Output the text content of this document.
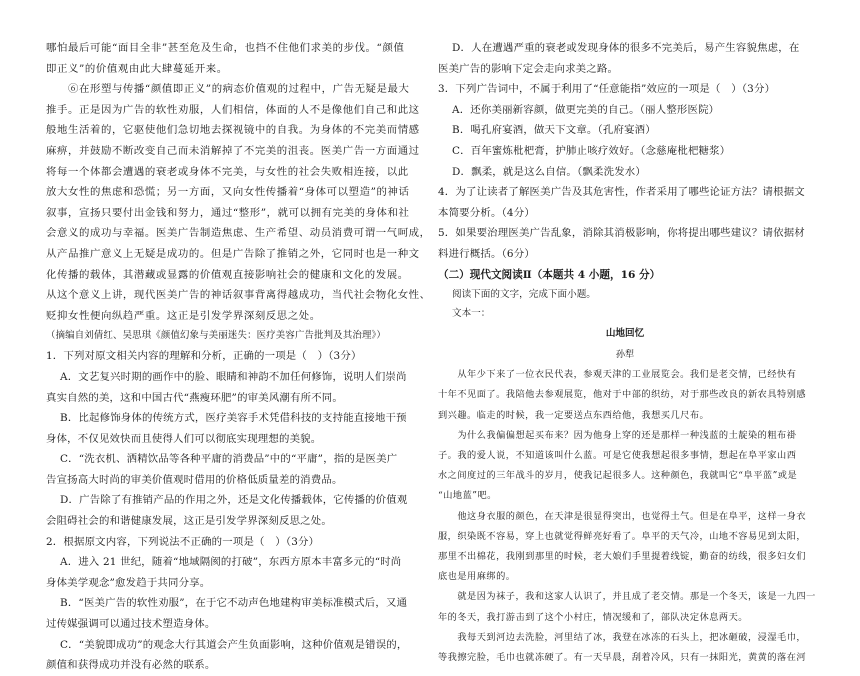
哪怕最后可能“面目全非”甚至危及生命，也挡不住他们求美的步伐。“颜值

即正义”的价值观由此大肆蔓延开来。

　　⑥在形塑与传播“颜值即正义”的病态价值观的过程中，广告无疑是最大

推手。正是因为广告的软性劝服，人们相信，体面的人不是像他们自己和此这

般地生活着的，它驱使他们急切地去探视镜中的自我。为身体的不完美而情感

麻痹，并鼓励不断改变自己而未消解掉了不完美的沮丧。医美广告一方面通过

将每一个体都会遭遇的衰老或身体不完美，与女性的社会失败相连接，以此

放大女性的焦虑和恐慌；另一方面，又向女性传播着“身体可以塑造”的神话

叙事，宣扬只要付出金钱和努力，通过“整形”，就可以拥有完美的身体和社

会意义的成功与幸福。医美广告制造焦虑、生产希望、动员消费可谓一气呵成，

从产品推广意义上无疑是成功的。但是广告除了推销之外，它同时也是一种文

化传播的载体，其潜藏或显露的价值观直接影响社会的健康和文化的发展。

从这个意义上讲，现代医美广告的神话叙事背离得越成功，当代社会物化女性、

贬抑女性便向纵趋严重。这正是引发学界深刻反思之处。

（摘编自刘倩红、吴思琪《颜值幻象与美丽迷失：医疗美容广告批判及其治理》）

1．下列对原文相关内容的理解和分析，正确的一项是（　）（3分）

A．文艺复兴时期的画作中的脸、眼睛和神韵不加任何修饰，说明人们崇尚

真实自然的美，这和中国古代“燕瘦环肥”的审美风潮有所不同。

B．比起修饰身体的传统方式，医疗美容手术凭借科技的支持能直接地干预

身体，不仅见效快而且使得人们可以彻底实现理想的美貌。

C．“洗衣机、洒精饮品等各种平庸的消费品”中的“平庸”，指的是医美广

告宣扬高大时尚的审美价值观时借用的价格低质量差的消费品。

D．广告除了有推销产品的作用之外，还是文化传播载体，它传播的价值观

会阻碍社会的和谐健康发展，这正是引发学界深刻反思之处。

2．根据原文内容，下列说法不正确的一项是（　）（3分）

A．进入 21 世纪，随着“地域隔阂的打破”，东西方原本丰富多元的“时尚

身体美学观念”愈发趋于共同分享。

B．“医美广告的软性劝服”，在于它不动声色地建构审美标准模式后，又通

过传媒强调可以通过技术塑造身体。

C．“美貌即成功”的观念大行其道会产生负面影响，这种价值观是错误的，

颜值和获得成功并没有必然的联系。

D．人在遭遇严重的衰老或发现身体的很多不完美后，易产生容貌焦虑，在

医美广告的影响下定会走向求美之路。

3．下列广告词中，不属于利用了“任意能指”效应的一项是（　）（3分）

A．还你美丽新容颜，做更完美的自己。（丽人整形医院）

B．喝孔府宴酒，做天下文章。（孔府宴酒）

C．百年蜜炼枇杷膏，护肺止咳疗效好。（念慈庵枇杷糖浆）

D．飘柔，就是这么自信。（飘柔洗发水）

4．为了让读者了解医美广告及其危害性，作者采用了哪些论证方法？请根据文

本简要分析。（4分）

5．如果要治理医美广告乱象，消除其消极影响，你将提出哪些建议？请依据材

料进行概括。（6分）

（二）现代文阅读Ⅱ（本题共 4 小题，16 分）

阅读下面的文字，完成下面小题。

文本一：

山地回忆

孙犁

　　从年少下来了一位衣民代表，参观天津的工业展览会。我们是老交情，已经快有

十年不见面了。我陪他去参观展览，他对于中部的织纺，对于那些改良的新农具特别感

到兴趣。临走的时候，我一定要送点东西给他，我想买几尺布。

　　为什么我偏偏想起买布来？因为他身上穿的还是那样一种浅蓝的土靛染的粗布褂

子。我的爱人说，不知道该叫什么蓝。可是它使我想起很多事情，想起在阜平家山西

水之间度过的三年战斗的岁月，使我记起很多人。这种颜色，我就叫它“阜平蓝”或是

“山地蓝”吧。

　　他这身衣服的颜色，在天津是很显得突出，也觉得土气。但是在阜平，这样一身衣

服，织染既不容易，穿上也就觉得鲜亮好看了。阜平的天气冷，山地不容易见到太阳，

那里不出棉花，我刚到那里的时候，老大娘们手里提着线锭，勤奋的纺线，很多妇女们

底也是用麻绑的。

　　就是因为袜子，我和这家人认识了，并且成了老交情。那是一个冬天，该是一九四一

年的冬天，我打游击到了这个小村庄，情况缓和了，部队决定休息两天。

　　我每天到河边去洗脸，河里结了冰，我登在冰冻的石头上，把冰砸破，浸湿毛巾，

等我擦完脸，毛巾也就冻硬了。有一天早晨，刮着冷风，只有一抹阳光，黄黄的落在河
